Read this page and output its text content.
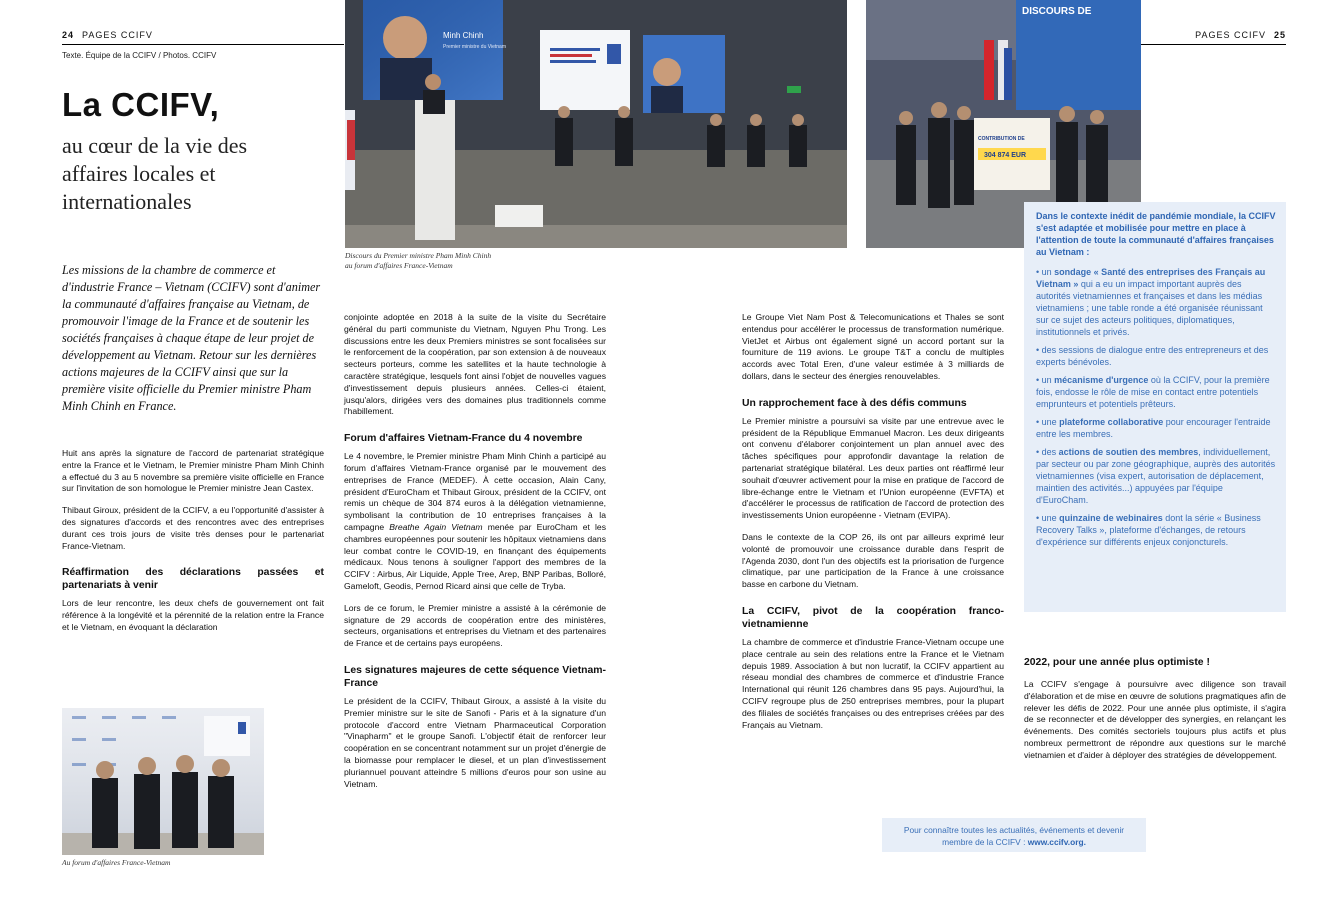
24 PAGES CCIFV
Texte. Équipe de la CCIFV / Photos. CCIFV
PAGES CCIFV 25
La CCIFV,
au cœur de la vie des
affaires locales et
internationales
Les missions de la chambre de commerce et d'industrie France – Vietnam (CCIFV) sont d'animer la communauté d'affaires française au Vietnam, de promouvoir l'image de la France et de soutenir les sociétés françaises à chaque étape de leur projet de développement au Vietnam. Retour sur les dernières actions majeures de la CCIFV ainsi que sur la première visite officielle du Premier ministre Pham Minh Chinh en France.
Minh Chinh
Premier ministre du Vietnam
Discours du Premier ministre Pham Minh Chinh
au forum d'affaires France-Vietnam
DISCOURS DE
CONTRIBUTION DE
304 874 EUR
Au forum d'affaires France-Vietnam

Huit ans après la signature de l'accord de partenariat stratégique entre la France et le Vietnam, le Premier ministre Pham Minh Chinh a effectué du 3 au 5 novembre sa première visite officielle en France sur l'invitation de son homologue le Premier ministre Jean Castex.

Thibaut Giroux, président de la CCIFV, a eu l'opportunité d'assister à des signatures d'accords et des rencontres avec des entreprises durant ces trois jours de visite très denses pour le partenariat France-Vietnam.

Réaffirmation des déclarations passées et partenariats à venir

Lors de leur rencontre, les deux chefs de gouvernement ont fait référence à la longévité et la pérennité de la relation entre la France et le Vietnam, en évoquant la déclaration

conjointe adoptée en 2018 à la suite de la visite du Secrétaire général du parti communiste du Vietnam, Nguyen Phu Trong. Les discussions entre les deux Premiers ministres se sont focalisées sur le renforcement de la coopération, par son extension à de nouveaux secteurs porteurs, comme les satellites et la haute technologie à caractère stratégique, lesquels font ainsi l'objet de nouvelles vagues d'investissement depuis plusieurs années. Celles-ci étaient, jusqu'alors, dirigées vers des domaines plus traditionnels comme l'habillement.

Forum d'affaires Vietnam-France du 4 novembre

Le 4 novembre, le Premier ministre Pham Minh Chinh a participé au forum d'affaires Vietnam-France organisé par le mouvement des entreprises de France (MEDEF). À cette occasion, Alain Cany, président d'EuroCham et Thibaut Giroux, président de la CCIFV, ont remis un chèque de 304 874 euros à la délégation vietnamienne, symbolisant la contribution de 10 entreprises françaises à la campagne Breathe Again Vietnam menée par EuroCham et les chambres européennes pour soutenir les hôpitaux vietnamiens dans leur combat contre le COVID-19, en finançant des équipements médicaux. Nous tenons à souligner l'apport des membres de la CCIFV : Airbus, Air Liquide, Apple Tree, Arep, BNP Paribas, Bolloré, Gameloft, Geodis, Pernod Ricard ainsi que celle de Tryba.

Lors de ce forum, le Premier ministre a assisté à la cérémonie de signature de 29 accords de coopération entre des ministères, secteurs, organisations et entreprises du Vietnam et des partenaires de France et de certains pays européens.

Les signatures majeures de cette séquence Vietnam-France

Le président de la CCIFV, Thibaut Giroux, a assisté à la visite du Premier ministre sur le site de Sanofi - Paris et à la signature d'un protocole d'accord entre Vietnam Pharmaceutical Corporation "Vinapharm" et le groupe Sanofi. L'objectif était de renforcer leur coopération en se concentrant notamment sur un projet d'énergie de la biomasse pour remplacer le diesel, et un plan d'investissement pluriannuel pouvant atteindre 5 millions d'euros pour son usine au Vietnam.

Le Groupe Viet Nam Post & Telecomunications et Thales se sont entendus pour accélérer le processus de transformation numérique. VietJet et Airbus ont également signé un accord portant sur la fourniture de 119 avions. Le groupe T&T a conclu de multiples accords avec Total Eren, d'une valeur estimée à 3 milliards de dollars, dans le secteur des énergies renouvelables.

Un rapprochement face à des défis communs

Le Premier ministre a poursuivi sa visite par une entrevue avec le président de la République Emmanuel Macron. Les deux dirigeants ont convenu d'élaborer conjointement un plan annuel avec des tâches spécifiques pour approfondir davantage la relation de partenariat stratégique bilatéral. Les deux parties ont réaffirmé leur souhait d'œuvrer activement pour la mise en pratique de l'accord de libre-échange entre le Vietnam et l'Union européenne (EVFTA) et d'accélérer le processus de ratification de l'accord de protection des investissements Union européenne - Vietnam (EVIPA).

Dans le contexte de la COP 26, ils ont par ailleurs exprimé leur volonté de promouvoir une croissance durable dans l'esprit de l'Agenda 2030, dont l'un des objectifs est la priorisation de l'urgence climatique, par une participation de la France à une croissance basse en carbone du Vietnam.

La CCIFV, pivot de la coopération franco-vietnamienne

La chambre de commerce et d'industrie France-Vietnam occupe une place centrale au sein des relations entre la France et le Vietnam depuis 1989. Association à but non lucratif, la CCIFV appartient au réseau mondial des chambres de commerce et d'industrie France International qui réunit 126 chambres dans 95 pays. Aujourd'hui, la CCIFV regroupe plus de 250 entreprises membres, pour la plupart des filiales de sociétés françaises ou des entreprises créées par des Français au Vietnam.

Dans le contexte inédit de pandémie mondiale, la CCIFV s'est adaptée et mobilisée pour mettre en place à l'attention de toute la communauté d'affaires françaises au Vietnam :
• un sondage « Santé des entreprises des Français au Vietnam » qui a eu un impact important auprès des autorités vietnamiennes et françaises et dans les médias vietnamiens ; une table ronde a été organisée réunissant sur ce sujet des acteurs politiques, diplomatiques, institutionnels et privés.
• des sessions de dialogue entre des entrepreneurs et des experts bénévoles.
• un mécanisme d'urgence où la CCIFV, pour la première fois, endosse le rôle de mise en contact entre potentiels emprunteurs et potentiels prêteurs.
• une plateforme collaborative pour encourager l'entraide entre les membres.
• des actions de soutien des membres, individuellement, par secteur ou par zone géographique, auprès des autorités vietnamiennes (visa expert, autorisation de déplacement, maintien des activités...) appuyées par l'équipe d'EuroCham.
• une quinzaine de webinaires dont la série « Business Recovery Talks », plateforme d'échanges, de retours d'expérience sur différents enjeux conjoncturels.
2022, pour une année plus optimiste !

La CCIFV s'engage à poursuivre avec diligence son travail d'élaboration et de mise en œuvre de solutions pragmatiques afin de relever les défis de 2022. Pour une année plus optimiste, il s'agira de se reconnecter et de développer des synergies, en relançant les événements. Des comités sectoriels toujours plus actifs et plus nombreux permettront de répondre aux questions sur le marché vietnamien et d'aider à déployer des stratégies de développement.

Pour connaître toutes les actualités, événements et devenir
membre de la CCIFV : www.ccifv.org.
